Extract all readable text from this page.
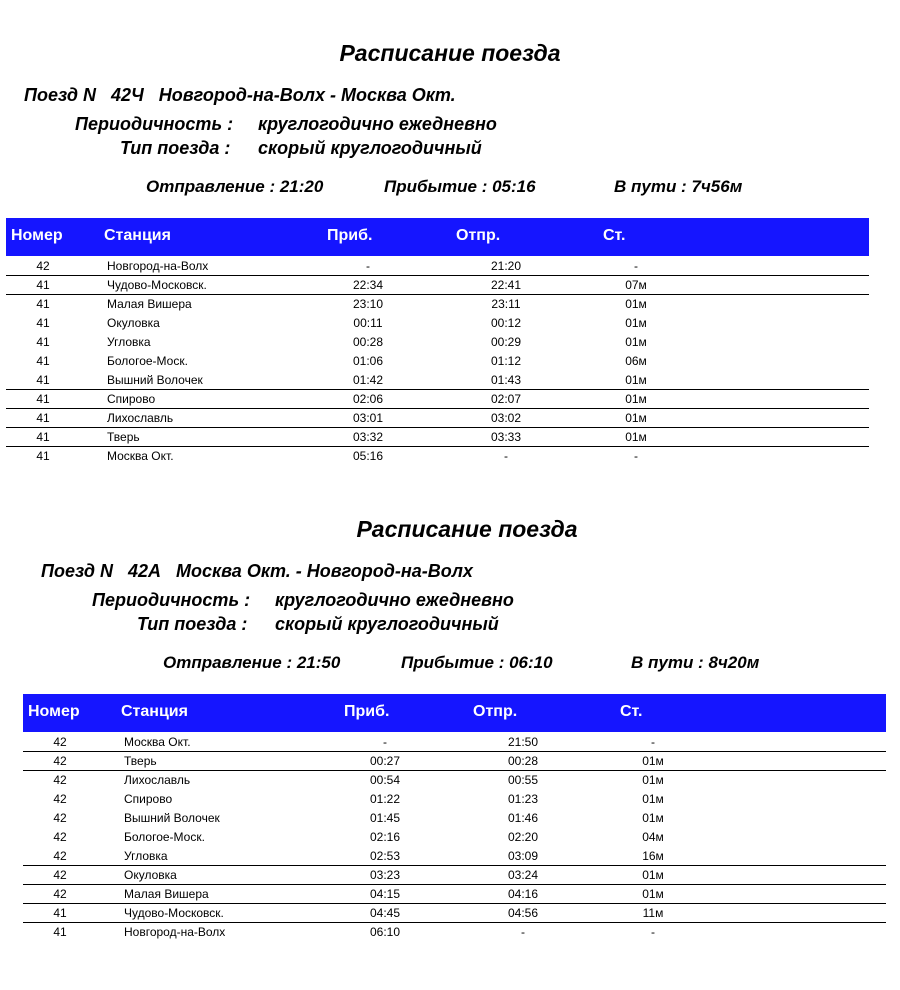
Расписание поезда
Поезд N   42Ч   Новгород-на-Волх - Москва Окт.
Периодичность : круглогодично ежедневно
Тип поезда : скорый круглогодичный
Отправление : 21:20	Прибытие : 05:16	В пути : 7ч56м
Номер	Станция	Приб.	Отпр.	Ст.
42	Новгород-на-Волх	-	21:20	-
41	Чудово-Московск.	22:34	22:41	07м
41	Малая Вишера	23:10	23:11	01м
41	Окуловка	00:11	00:12	01м
41	Угловка	00:28	00:29	01м
41	Бологое-Моск.	01:06	01:12	06м
41	Вышний Волочек	01:42	01:43	01м
41	Спирово	02:06	02:07	01м
41	Лихославль	03:01	03:02	01м
41	Тверь	03:32	03:33	01м
41	Москва Окт.	05:16	-	-
Расписание поезда
Поезд N   42А   Москва Окт. - Новгород-на-Волх
Периодичность : круглогодично ежедневно
Тип поезда : скорый круглогодичный
Отправление : 21:50	Прибытие : 06:10	В пути : 8ч20м
Номер	Станция	Приб.	Отпр.	Ст.
42	Москва Окт.	-	21:50	-
42	Тверь	00:27	00:28	01м
42	Лихославль	00:54	00:55	01м
42	Спирово	01:22	01:23	01м
42	Вышний Волочек	01:45	01:46	01м
42	Бологое-Моск.	02:16	02:20	04м
42	Угловка	02:53	03:09	16м
42	Окуловка	03:23	03:24	01м
42	Малая Вишера	04:15	04:16	01м
41	Чудово-Московск.	04:45	04:56	11м
41	Новгород-на-Волх	06:10	-	-
